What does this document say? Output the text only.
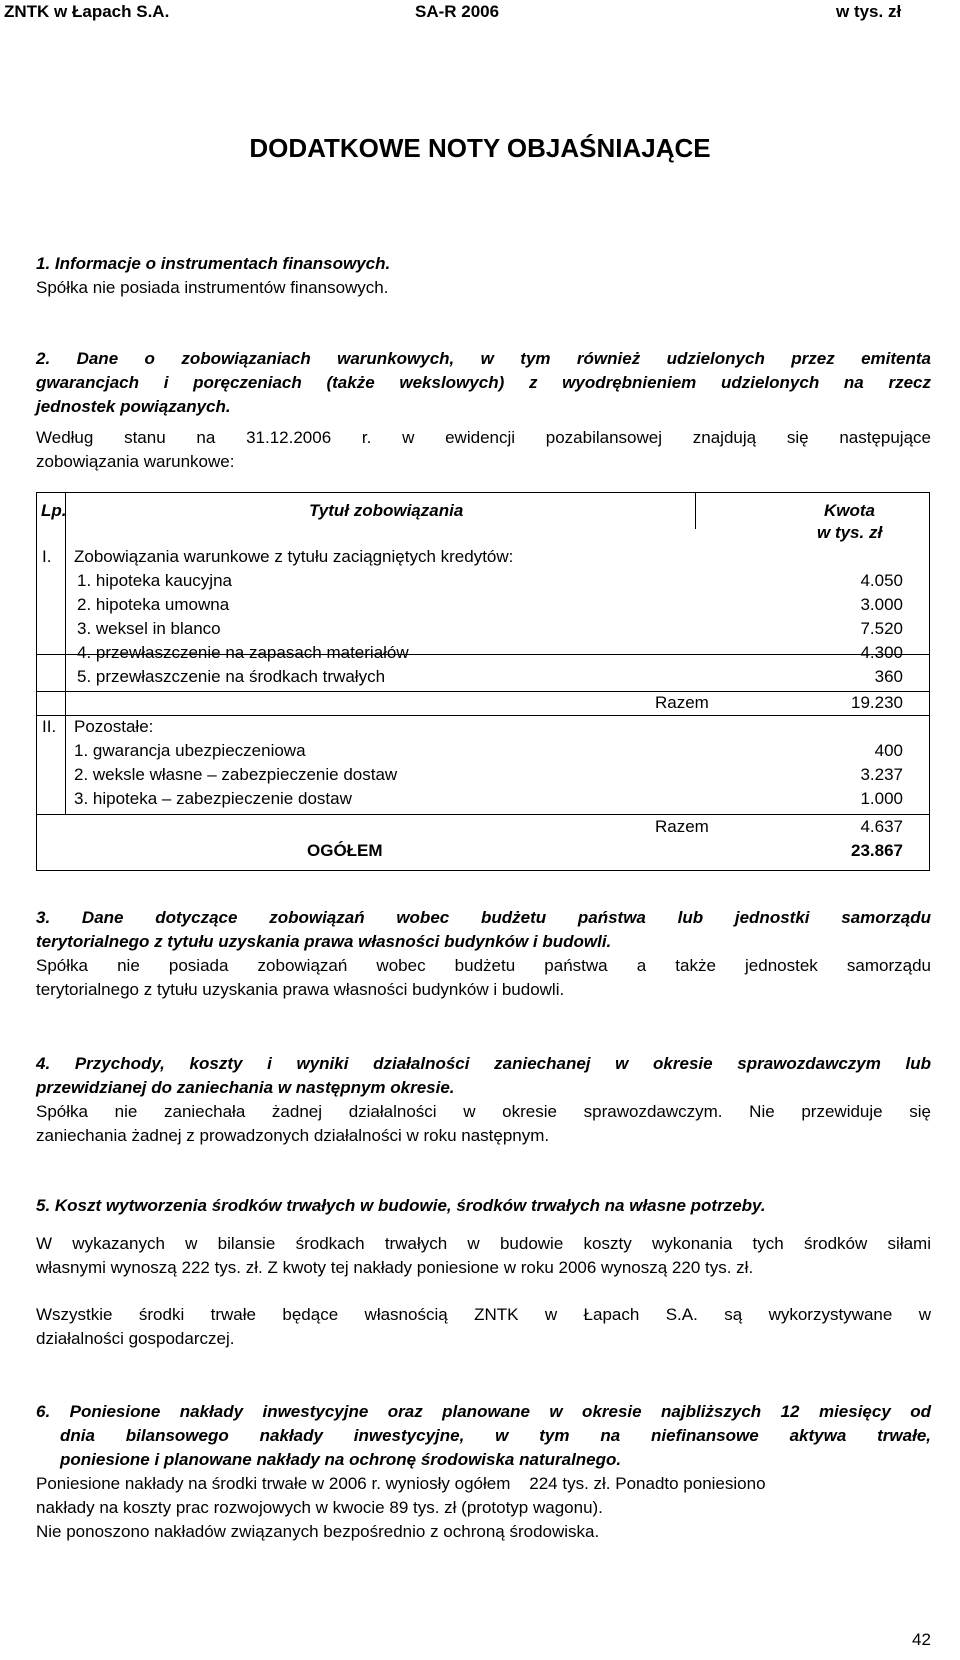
ZNTK w Łapach S.A.	SA-R 2006	w tys. zł
DODATKOWE NOTY OBJAŚNIAJĄCE
1. Informacje o instrumentach finansowych.
Spółka nie posiada instrumentów finansowych.
2. Dane o zobowiązaniach warunkowych, w tym również udzielonych przez emitenta
gwarancjach i poręczeniach (także wekslowych) z wyodrębnieniem udzielonych na rzecz
jednostek powiązanych.
Według stanu na 31.12.2006 r. w ewidencji pozabilansowej znajdują się następujące
zobowiązania warunkowe:
Lp.	Tytuł zobowiązania	Kwota
w tys. zł
I. Zobowiązania warunkowe z tytułu zaciągniętych kredytów:
1. hipoteka kaucyjna	4.050
2. hipoteka umowna	3.000
3. weksel in blanco	7.520
4. przewłaszczenie na zapasach materiałów	4.300
5. przewłaszczenie na środkach trwałych	360
Razem	19.230
II. Pozostałe:
1. gwarancja ubezpieczeniowa	400
2. weksle własne – zabezpieczenie dostaw	3.237
3. hipoteka – zabezpieczenie dostaw	1.000
Razem	4.637
OGÓŁEM	23.867
3. Dane dotyczące zobowiązań wobec budżetu państwa lub jednostki samorządu
terytorialnego z tytułu uzyskania prawa własności budynków i budowli.
Spółka nie posiada zobowiązań wobec budżetu państwa a także jednostek samorządu
terytorialnego z tytułu uzyskania prawa własności budynków i budowli.
4. Przychody, koszty i wyniki działalności zaniechanej w okresie sprawozdawczym lub
przewidzianej do zaniechania w następnym okresie.
Spółka nie zaniechała żadnej działalności w okresie sprawozdawczym. Nie przewiduje się
zaniechania żadnej z prowadzonych działalności w roku następnym.
5. Koszt wytworzenia środków trwałych w budowie, środków trwałych na własne potrzeby.
W wykazanych w bilansie środkach trwałych w budowie koszty wykonania tych środków siłami
własnymi wynoszą 222 tys. zł. Z kwoty tej nakłady poniesione w roku 2006 wynoszą 220 tys. zł.
Wszystkie środki trwałe będące własnością ZNTK w Łapach S.A. są wykorzystywane w
działalności gospodarczej.
6. Poniesione nakłady inwestycyjne oraz planowane w okresie najbliższych 12 miesięcy od
dnia bilansowego nakłady inwestycyjne, w tym na niefinansowe aktywa trwałe,
poniesione i planowane nakłady na ochronę środowiska naturalnego.
Poniesione nakłady na środki trwałe w 2006 r. wyniosły ogółem    224 tys. zł. Ponadto poniesiono
nakłady na koszty prac rozwojowych w kwocie 89 tys. zł (prototyp wagonu).
Nie ponoszono nakładów związanych bezpośrednio z ochroną środowiska.
42
